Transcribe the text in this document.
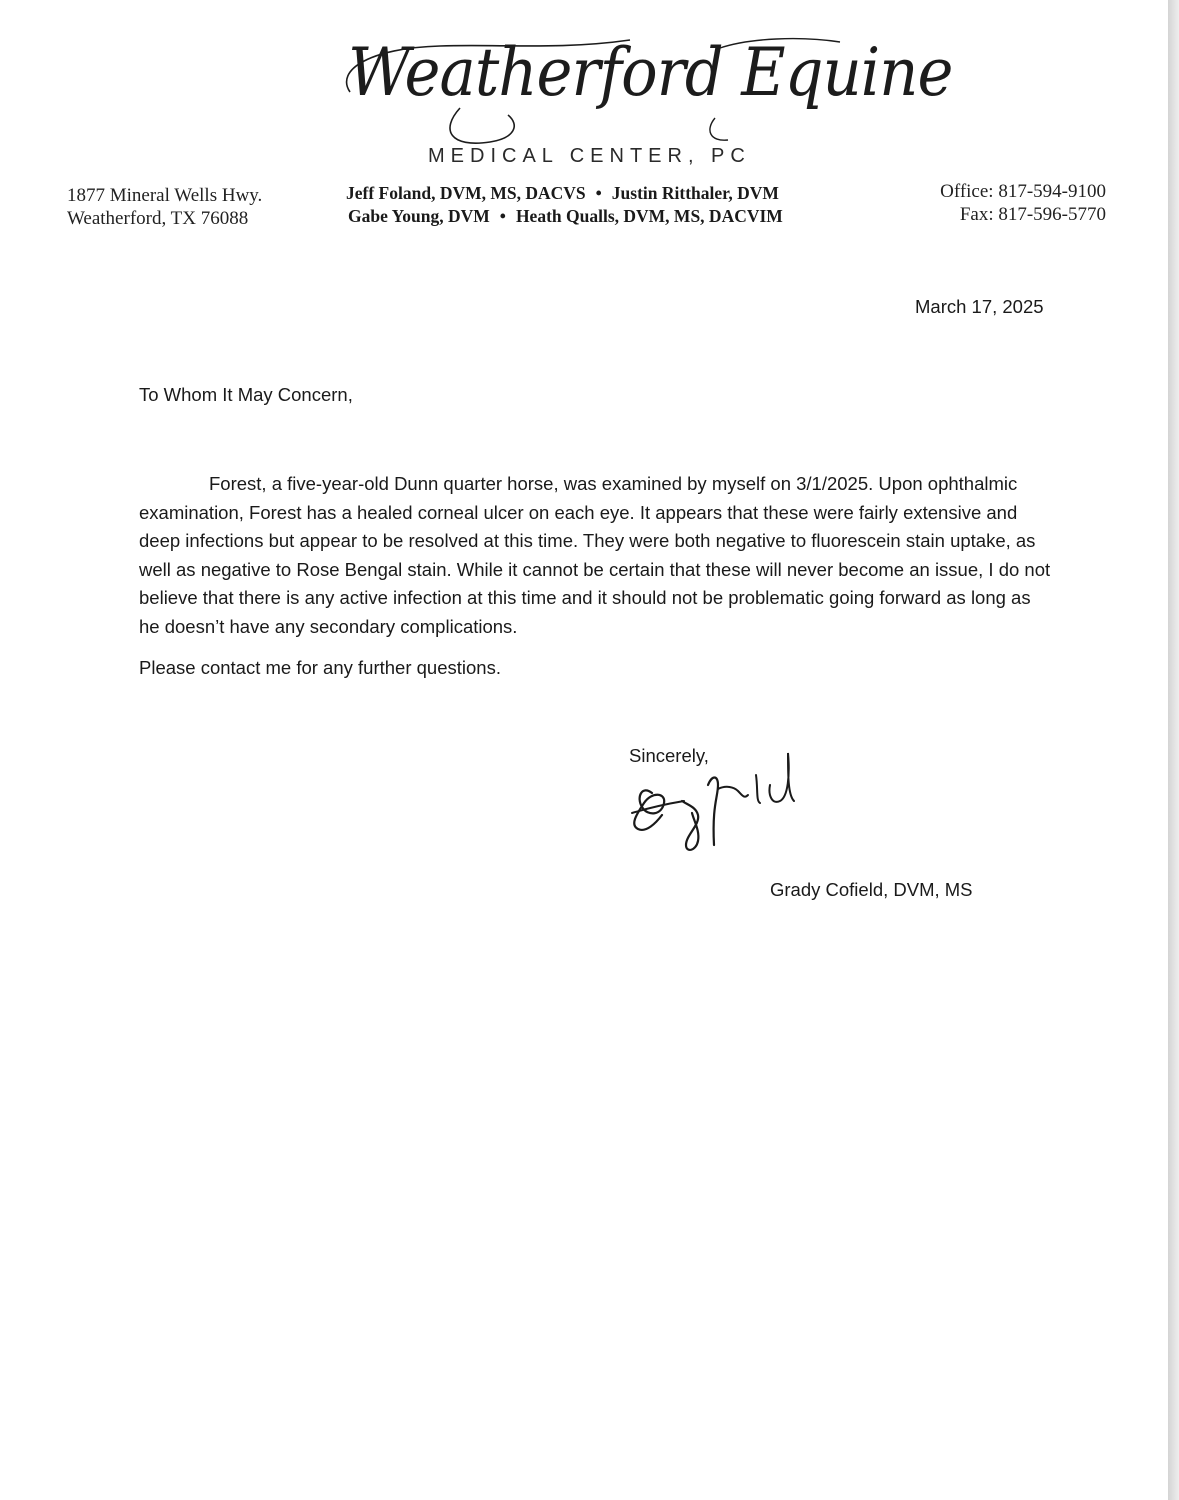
Weatherford Equine
MEDICAL CENTER, PC
1877 Mineral Wells Hwy.
Weatherford, TX 76088
Jeff Foland, DVM, MS, DACVS • Justin Ritthaler, DVM
Gabe Young, DVM • Heath Qualls, DVM, MS, DACVIM
Office: 817-594-9100
Fax: 817-596-5770
March 17, 2025
To Whom It May Concern,
Forest, a five-year-old Dunn quarter horse, was examined by myself on 3/1/2025. Upon ophthalmic examination, Forest has a healed corneal ulcer on each eye. It appears that these were fairly extensive and deep infections but appear to be resolved at this time. They were both negative to fluorescein stain uptake, as well as negative to Rose Bengal stain. While it cannot be certain that these will never become an issue, I do not believe that there is any active infection at this time and it should not be problematic going forward as long as he doesn’t have any secondary complications.
Please contact me for any further questions.
Sincerely,
Grady Cofield, DVM, MS
